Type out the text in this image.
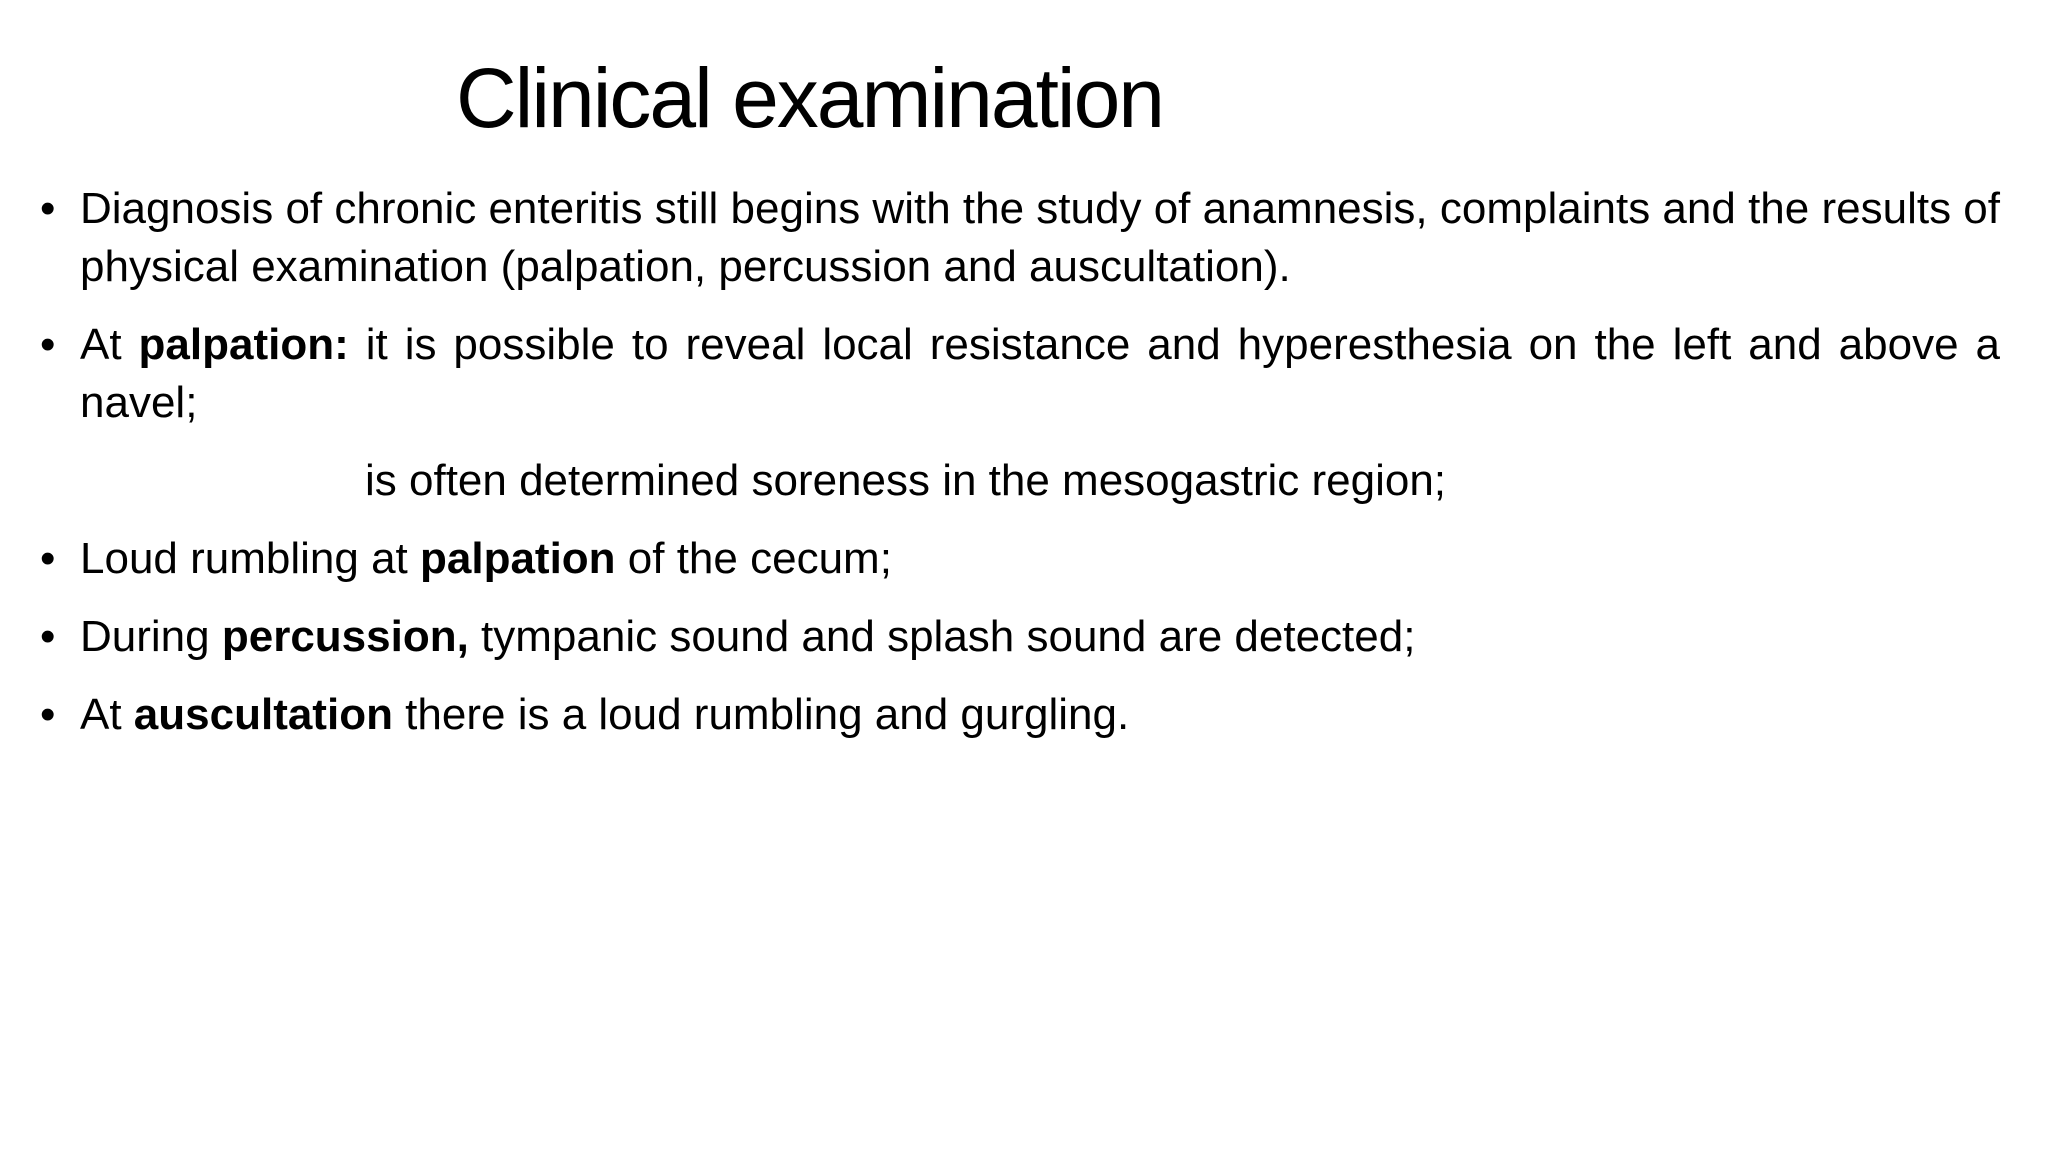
Clinical examination
• Diagnosis of chronic enteritis still begins with the study of anamnesis, complaints and the results of physical examination (palpation, percussion and auscultation).
• At palpation: it is possible to reveal local resistance and hyperesthesia on the left and above a navel;
is often determined soreness in the mesogastric region;
• Loud rumbling at palpation of the cecum;
• During percussion, tympanic sound and splash sound are detected;
• At auscultation there is a loud rumbling and gurgling.
